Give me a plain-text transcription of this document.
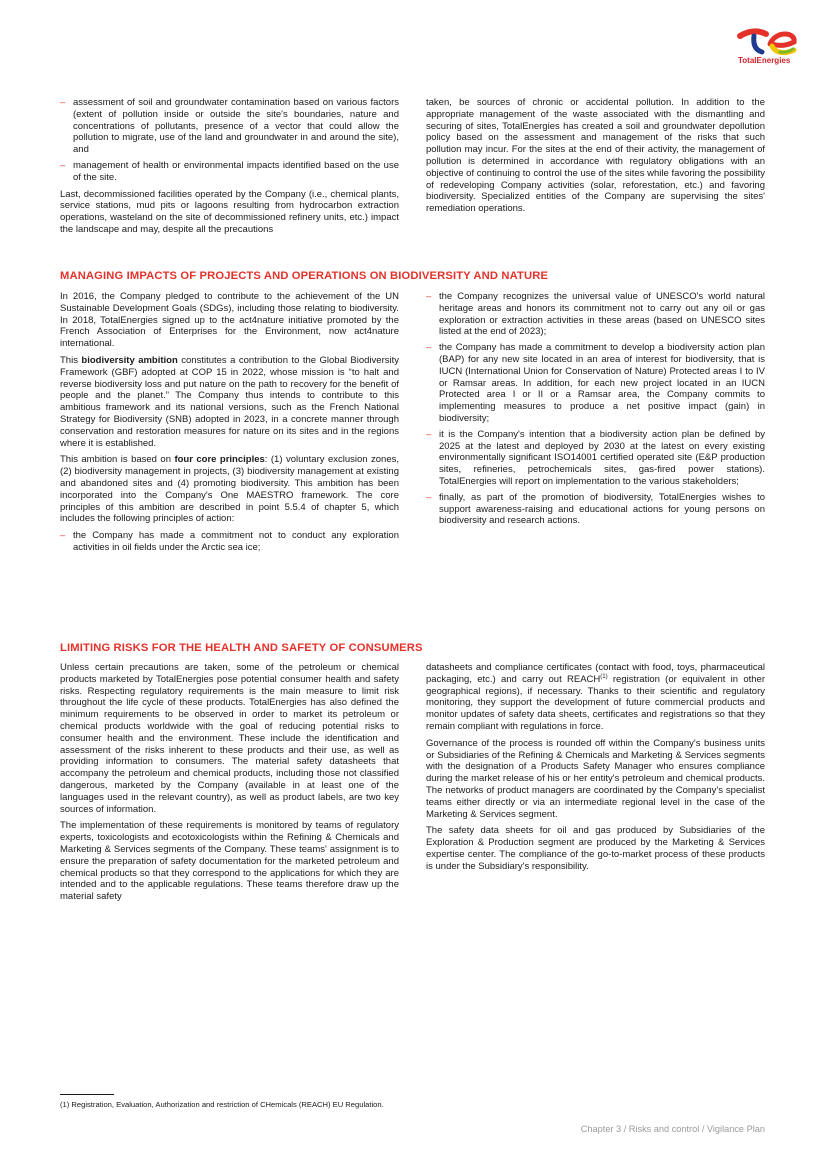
TotalEnergies
– assessment of soil and groundwater contamination based on various factors (extent of pollution inside or outside the site's boundaries, nature and concentrations of pollutants, presence of a vector that could allow the pollution to migrate, use of the land and groundwater in and around the site), and
– management of health or environmental impacts identified based on the use of the site.

Last, decommissioned facilities operated by the Company (i.e., chemical plants, service stations, mud pits or lagoons resulting from hydrocarbon extraction operations, wasteland on the site of decommissioned refinery units, etc.) impact the landscape and may, despite all the precautions

taken, be sources of chronic or accidental pollution. In addition to the appropriate management of the waste associated with the dismantling and securing of sites, TotalEnergies has created a soil and groundwater depollution policy based on the assessment and management of the risks that such pollution may incur. For the sites at the end of their activity, the management of pollution is determined in accordance with regulatory obligations with an objective of continuing to control the use of the sites while favoring the possibility of redeveloping Company activities (solar, reforestation, etc.) and favoring biodiversity. Specialized entities of the Company are supervising the sites' remediation operations.

MANAGING IMPACTS OF PROJECTS AND OPERATIONS ON BIODIVERSITY AND NATURE

In 2016, the Company pledged to contribute to the achievement of the UN Sustainable Development Goals (SDGs), including those relating to biodiversity. In 2018, TotalEnergies signed up to the act4nature initiative promoted by the French Association of Enterprises for the Environment, now act4nature international.

This biodiversity ambition constitutes a contribution to the Global Biodiversity Framework (GBF) adopted at COP 15 in 2022, whose mission is “to halt and reverse biodiversity loss and put nature on the path to recovery for the benefit of people and the planet.” The Company thus intends to contribute to this ambitious framework and its national versions, such as the French National Strategy for Biodiversity (SNB) adopted in 2023, in a concrete manner through conservation and restoration measures for nature on its sites and in the regions where it is established.

This ambition is based on four core principles: (1) voluntary exclusion zones, (2) biodiversity management in projects, (3) biodiversity management at existing and abandoned sites and (4) promoting biodiversity. This ambition has been incorporated into the Company's One MAESTRO framework. The core principles of this ambition are described in point 5.5.4 of chapter 5, which includes the following principles of action:

– the Company has made a commitment not to conduct any exploration activities in oil fields under the Arctic sea ice;
– the Company recognizes the universal value of UNESCO's world natural heritage areas and honors its commitment not to carry out any oil or gas exploration or extraction activities in these areas (based on UNESCO sites listed at the end of 2023);
– the Company has made a commitment to develop a biodiversity action plan (BAP) for any new site located in an area of interest for biodiversity, that is IUCN (International Union for Conservation of Nature) Protected areas I to IV or Ramsar areas. In addition, for each new project located in an IUCN Protected area I or II or a Ramsar area, the Company commits to implementing measures to produce a net positive impact (gain) in biodiversity;
– it is the Company's intention that a biodiversity action plan be defined by 2025 at the latest and deployed by 2030 at the latest on every existing environmentally significant ISO14001 certified operated site (E&P production sites, refineries, petrochemicals sites, gas-fired power stations). TotalEnergies will report on implementation to the various stakeholders;
– finally, as part of the promotion of biodiversity, TotalEnergies wishes to support awareness-raising and educational actions for young persons on biodiversity and research actions.
LIMITING RISKS FOR THE HEALTH AND SAFETY OF CONSUMERS

Unless certain precautions are taken, some of the petroleum or chemical products marketed by TotalEnergies pose potential consumer health and safety risks. Respecting regulatory requirements is the main measure to limit risk throughout the life cycle of these products. TotalEnergies has also defined the minimum requirements to be observed in order to market its petroleum or chemical products worldwide with the goal of reducing potential risks to consumer health and the environment. These include the identification and assessment of the risks inherent to these products and their use, as well as providing information to consumers. The material safety datasheets that accompany the petroleum and chemical products, including those not classified dangerous, marketed by the Company (available in at least one of the languages used in the relevant country), as well as product labels, are two key sources of information.

The implementation of these requirements is monitored by teams of regulatory experts, toxicologists and ecotoxicologists within the Refining & Chemicals and Marketing & Services segments of the Company. These teams' assignment is to ensure the preparation of safety documentation for the marketed petroleum and chemical products so that they correspond to the applications for which they are intended and to the applicable regulations. These teams therefore draw up the material safety

datasheets and compliance certificates (contact with food, toys, pharmaceutical packaging, etc.) and carry out REACH$^{(1)}$ registration (or equivalent in other geographical regions), if necessary. Thanks to their scientific and regulatory monitoring, they support the development of future commercial products and monitor updates of safety data sheets, certificates and registrations so that they remain compliant with regulations in force.

Governance of the process is rounded off within the Company's business units or Subsidiaries of the Refining & Chemicals and Marketing & Services segments with the designation of a Products Safety Manager who ensures compliance during the market release of his or her entity's petroleum and chemical products. The networks of product managers are coordinated by the Company's specialist teams either directly or via an intermediate regional level in the case of the Marketing & Services segment.

The safety data sheets for oil and gas produced by Subsidiaries of the Exploration & Production segment are produced by the Marketing & Services expertise center. The compliance of the go-to-market process of these products is under the Subsidiary's responsibility.

(1) Registration, Evaluation, Authorization and restriction of CHemicals (REACH) EU Regulation.
Chapter 3 / Risks and control / Vigilance Plan
